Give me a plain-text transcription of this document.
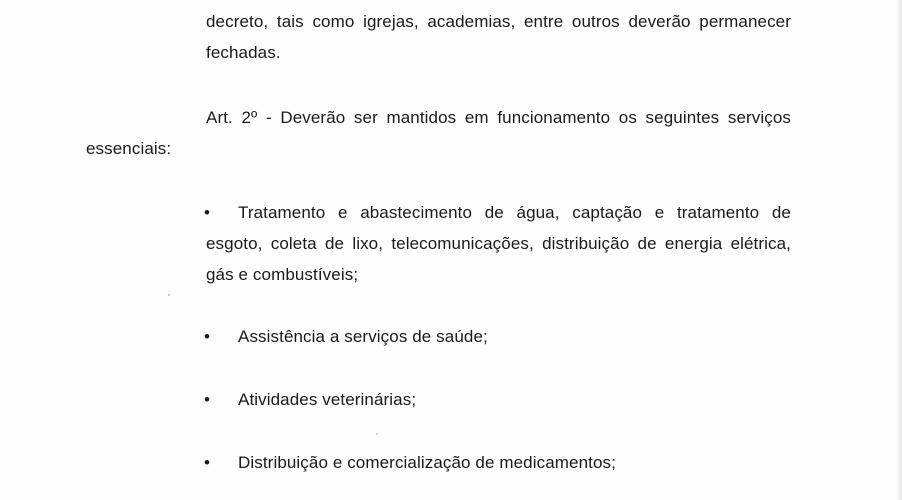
decreto, tais como igrejas, academias, entre outros deverão permanecer
fechadas.
Art. 2º - Deverão ser mantidos em funcionamento os seguintes serviços
essenciais:
• Tratamento e abastecimento de água, captação e tratamento de
esgoto, coleta de lixo, telecomunicações, distribuição de energia elétrica,
gás e combustíveis;
• Assistência a serviços de saúde;
• Atividades veterinárias;
• Distribuição e comercialização de medicamentos;
